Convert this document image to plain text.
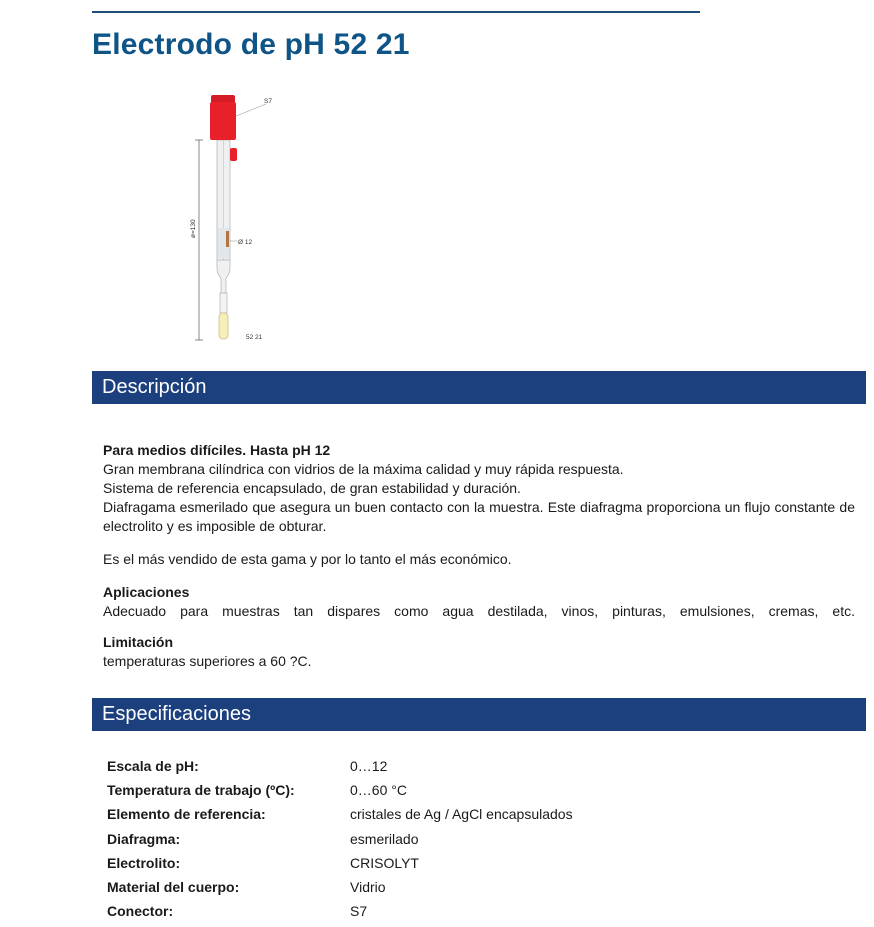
Electrodo de pH 52 21
ø=130
S7
Ø 12
52 21
Descripción

Para medios difíciles. Hasta pH 12

Gran membrana cilíndrica con vidrios de la máxima calidad y muy rápida respuesta.

Sistema de referencia encapsulado, de gran estabilidad y duración.

Diafragama esmerilado que asegura un buen contacto con la muestra. Este diafragma proporciona un flujo constante de electrolito y es imposible de obturar.

Es el más vendido de esta gama y por lo tanto el más económico.

Aplicaciones

Adecuado para muestras tan dispares como agua destilada, vinos, pinturas, emulsiones, cremas, etc.

Limitación

temperaturas superiores a 60 ?C.

Especificaciones
Escala de pH:	0…12
Temperatura de trabajo (ºC):	0…60 °C
Elemento de referencia:	cristales de Ag / AgCl encapsulados
Diafragma:	esmerilado
Electrolito:	CRISOLYT
Material del cuerpo:	Vidrio
Conector:	S7
